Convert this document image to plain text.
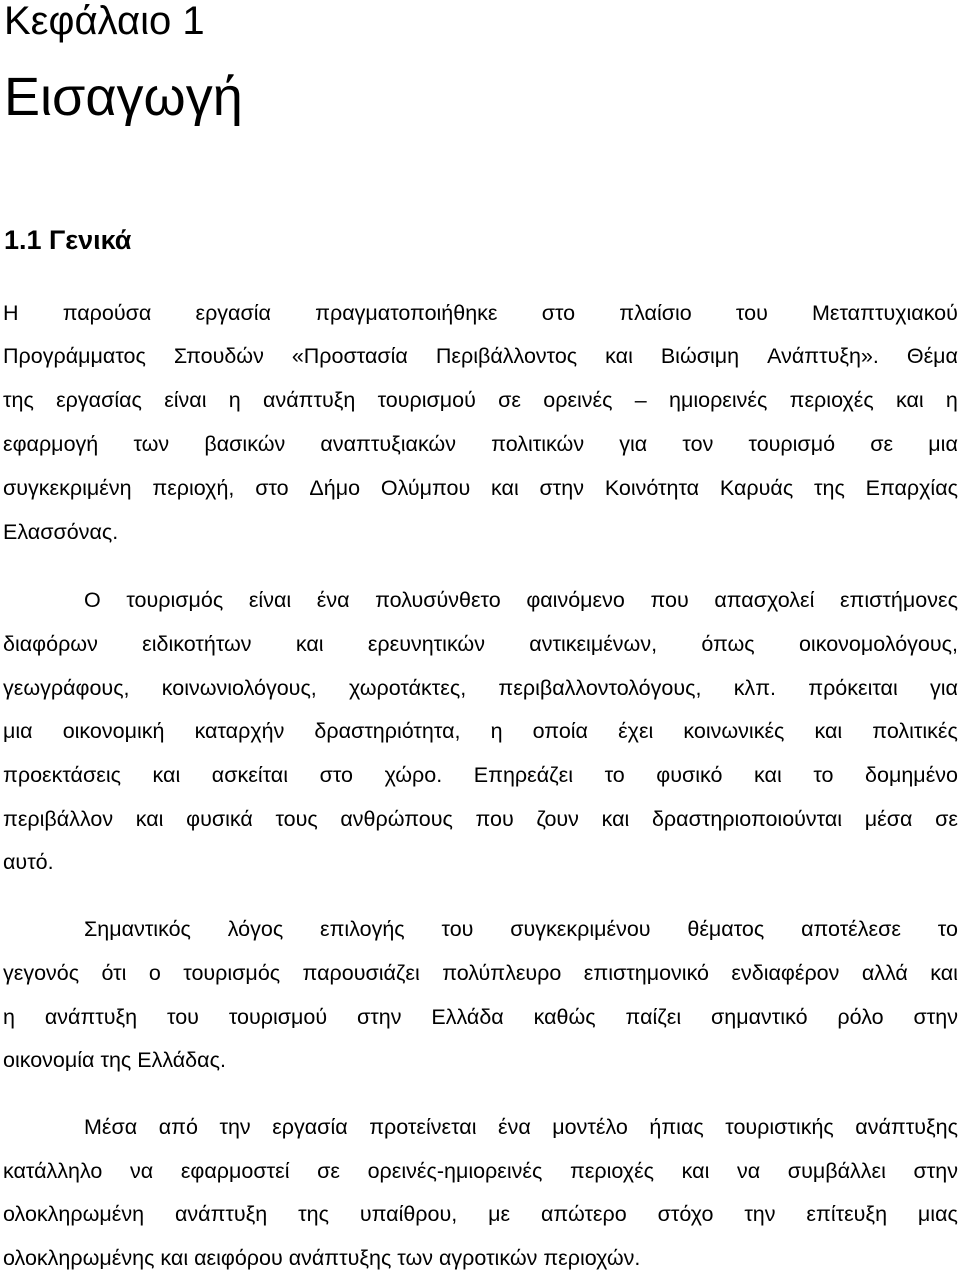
Κεφάλαιο 1
Εισαγωγή
1.1 Γενικά
Η παρούσα εργασία πραγματοποιήθηκε στο πλαίσιο του Μεταπτυχιακού
Προγράμματος Σπουδών «Προστασία Περιβάλλοντος και Βιώσιμη Ανάπτυξη». Θέμα
της εργασίας είναι η ανάπτυξη τουρισμού σε ορεινές – ημιορεινές περιοχές και η
εφαρμογή των βασικών αναπτυξιακών πολιτικών για τον τουρισμό σε μια
συγκεκριμένη περιοχή, στο Δήμο Ολύμπου και στην Κοινότητα Καρυάς της Επαρχίας
Ελασσόνας.
Ο τουρισμός είναι ένα πολυσύνθετο φαινόμενο που απασχολεί επιστήμονες
διαφόρων ειδικοτήτων και ερευνητικών αντικειμένων, όπως οικονομολόγους,
γεωγράφους, κοινωνιολόγους, χωροτάκτες, περιβαλλοντολόγους, κλπ. πρόκειται για
μια οικονομική καταρχήν δραστηριότητα, η οποία έχει κοινωνικές και πολιτικές
προεκτάσεις και ασκείται στο χώρο. Επηρεάζει το φυσικό και το δομημένο
περιβάλλον και φυσικά τους ανθρώπους που ζουν και δραστηριοποιούνται μέσα σε
αυτό.
Σημαντικός λόγος επιλογής του συγκεκριμένου θέματος αποτέλεσε το
γεγονός ότι ο τουρισμός παρουσιάζει πολύπλευρο επιστημονικό ενδιαφέρον αλλά και
η ανάπτυξη του τουρισμού στην Ελλάδα καθώς παίζει σημαντικό ρόλο στην
οικονομία της Ελλάδας.
Μέσα από την εργασία προτείνεται ένα μοντέλο ήπιας τουριστικής ανάπτυξης
κατάλληλο να εφαρμοστεί σε ορεινές-ημιορεινές περιοχές και να συμβάλλει στην
ολοκληρωμένη ανάπτυξη της υπαίθρου, με απώτερο στόχο την επίτευξη μιας
ολοκληρωμένης και αειφόρου ανάπτυξης των αγροτικών περιοχών.
